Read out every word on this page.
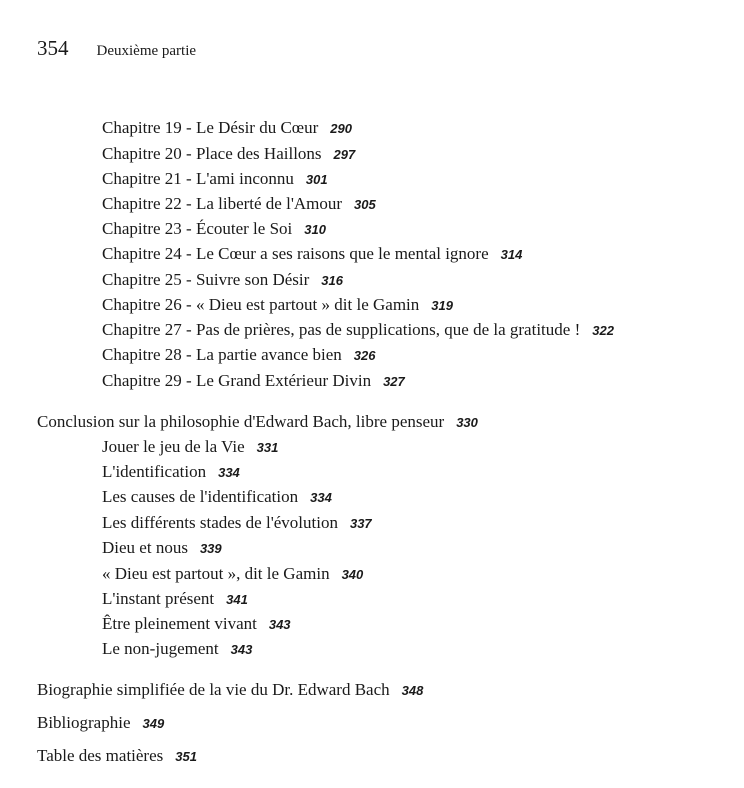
354 Deuxième partie
Chapitre 19 - Le Désir du Cœur 290
Chapitre 20 - Place des Haillons 297
Chapitre 21 - L'ami inconnu 301
Chapitre 22 - La liberté de l'Amour 305
Chapitre 23 - Écouter le Soi 310
Chapitre 24 - Le Cœur a ses raisons que le mental ignore 314
Chapitre 25 - Suivre son Désir 316
Chapitre 26 - « Dieu est partout » dit le Gamin 319
Chapitre 27 - Pas de prières, pas de supplications, que de la gratitude ! 322
Chapitre 28 - La partie avance bien 326
Chapitre 29 - Le Grand Extérieur Divin 327
Conclusion sur la philosophie d'Edward Bach, libre penseur 330
Jouer le jeu de la Vie 331
L'identification 334
Les causes de l'identification 334
Les différents stades de l'évolution 337
Dieu et nous 339
« Dieu est partout », dit le Gamin 340
L'instant présent 341
Être pleinement vivant 343
Le non-jugement 343
Biographie simplifiée de la vie du Dr. Edward Bach 348
Bibliographie 349
Table des matières 351
